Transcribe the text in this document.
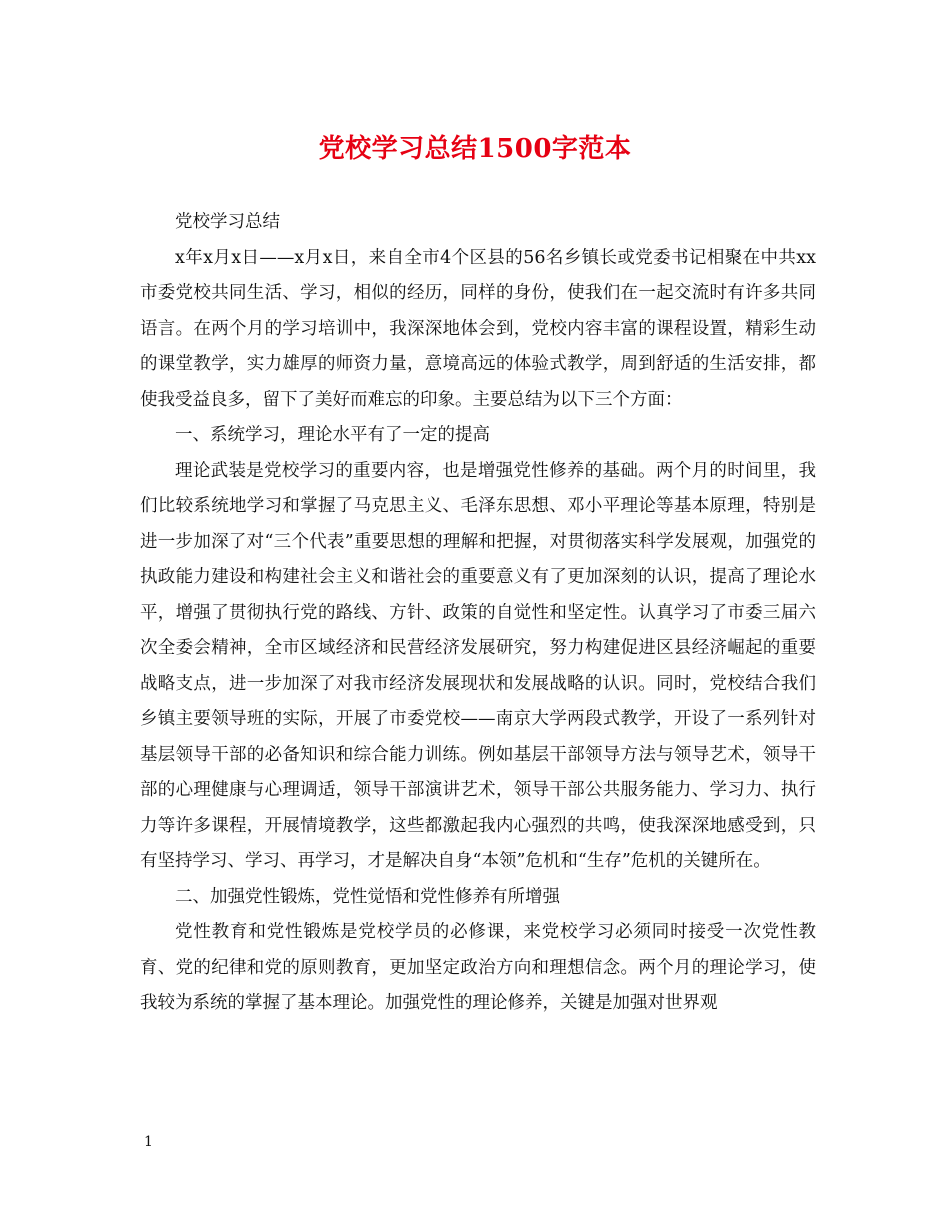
党校学习总结1500字范本

党校学习总结

x年x月x日——x月x日，来自全市4个区县的56名乡镇长或党委书记相聚在中共xx市委党校共同生活、学习，相似的经历，同样的身份，使我们在一起交流时有许多共同语言。在两个月的学习培训中，我深深地体会到，党校内容丰富的课程设置，精彩生动的课堂教学，实力雄厚的师资力量，意境高远的体验式教学，周到舒适的生活安排，都使我受益良多，留下了美好而难忘的印象。主要总结为以下三个方面：

一、系统学习，理论水平有了一定的提高

理论武装是党校学习的重要内容，也是增强党性修养的基础。两个月的时间里，我们比较系统地学习和掌握了马克思主义、毛泽东思想、邓小平理论等基本原理，特别是进一步加深了对“三个代表”重要思想的理解和把握，对贯彻落实科学发展观，加强党的执政能力建设和构建社会主义和谐社会的重要意义有了更加深刻的认识，提高了理论水平，增强了贯彻执行党的路线、方针、政策的自觉性和坚定性。认真学习了市委三届六次全委会精神，全市区域经济和民营经济发展研究，努力构建促进区县经济崛起的重要战略支点，进一步加深了对我市经济发展现状和发展战略的认识。同时，党校结合我们乡镇主要领导班的实际，开展了市委党校——南京大学两段式教学，开设了一系列针对基层领导干部的必备知识和综合能力训练。例如基层干部领导方法与领导艺术，领导干部的心理健康与心理调适，领导干部演讲艺术，领导干部公共服务能力、学习力、执行力等许多课程，开展情境教学，这些都激起我内心强烈的共鸣，使我深深地感受到，只有坚持学习、学习、再学习，才是解决自身“本领”危机和“生存”危机的关键所在。

二、加强党性锻炼，党性觉悟和党性修养有所增强

党性教育和党性锻炼是党校学员的必修课，来党校学习必须同时接受一次党性教育、党的纪律和党的原则教育，更加坚定政治方向和理想信念。两个月的理论学习，使我较为系统的掌握了基本理论。加强党性的理论修养，关键是加强对世界观

1
